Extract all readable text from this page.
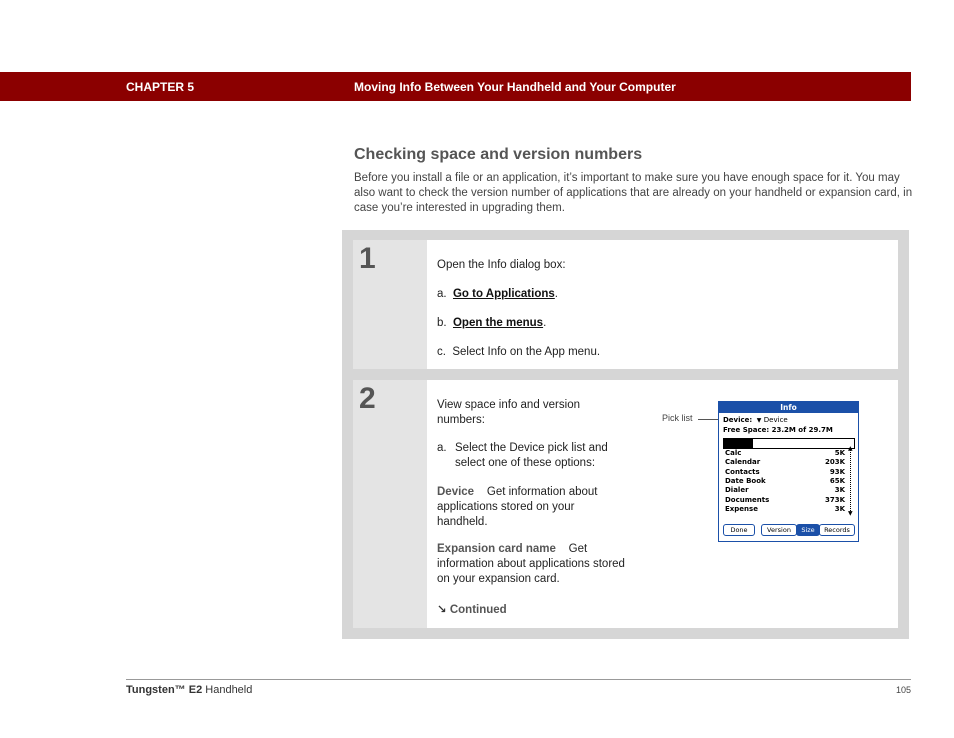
CHAPTER 5	Moving Info Between Your Handheld and Your Computer
Checking space and version numbers
Before you install a file or an application, it’s important to make sure you have enough space for it. You may also want to check the version number of applications that are already on your handheld or expansion card, in case you’re interested in upgrading them.
1	Open the Info dialog box:
a. Go to Applications.
b. Open the menus.
c. Select Info on the App menu.
2	View space info and version numbers:
a. Select the Device pick list and select one of these options:
Device Get information about applications stored on your handheld.
Expansion card name Get information about applications stored on your expansion card.
↘ Continued
Pick list
Info
Device:  ▼ Device
Free Space: 23.2M of 29.7M
Calc	5K
Calendar	203K
Contacts	93K
Date Book	65K
Dialer	3K
Documents	373K
Expense	3K
▲
▼
Done	Version	Size	Records
Tungsten™ E2 Handheld	105
